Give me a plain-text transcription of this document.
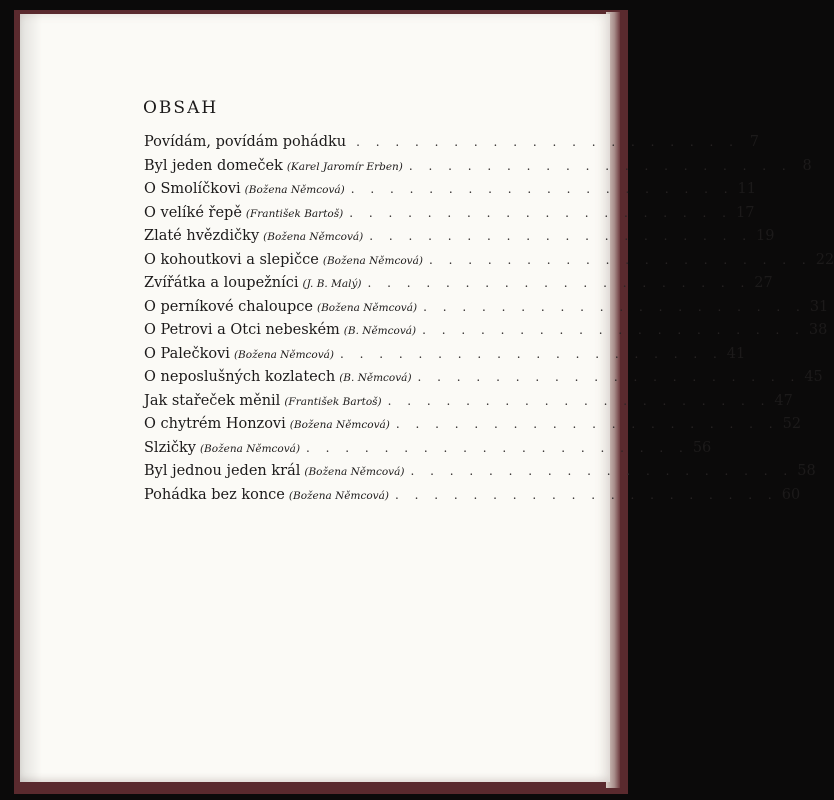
OBSAH
Povídám, povídám pohádku . . . . . . . . . . . . . . . . . . . . 7
Byl jeden domeček (Karel Jaromír Erben) . . . . . . . . . . . . . . . . . . . . 8
O Smolíčkovi (Božena Němcová) . . . . . . . . . . . . . . . . . . . . 11
O velíké řepě (František Bartoš) . . . . . . . . . . . . . . . . . . . . 17
Zlaté hvězdičky (Božena Němcová) . . . . . . . . . . . . . . . . . . . . 19
O kohoutkovi a slepičce (Božena Němcová) . . . . . . . . . . . . . . . . . . . . 22
Zvířátka a loupežníci (J. B. Malý) . . . . . . . . . . . . . . . . . . . . 27
O perníkové chaloupce (Božena Němcová) . . . . . . . . . . . . . . . . . . . . 31
O Petrovi a Otci nebeském (B. Němcová) . . . . . . . . . . . . . . . . . . . . 38
O Palečkovi (Božena Němcová) . . . . . . . . . . . . . . . . . . . . 41
O neposlušných kozlatech (B. Němcová) . . . . . . . . . . . . . . . . . . . . 45
Jak stařeček měnil (František Bartoš) . . . . . . . . . . . . . . . . . . . . 47
O chytrém Honzovi (Božena Němcová) . . . . . . . . . . . . . . . . . . . . 52
Slzičky (Božena Němcová) . . . . . . . . . . . . . . . . . . . . 56
Byl jednou jeden král (Božena Němcová) . . . . . . . . . . . . . . . . . . . . 58
Pohádka bez konce (Božena Němcová) . . . . . . . . . . . . . . . . . . . . 60
